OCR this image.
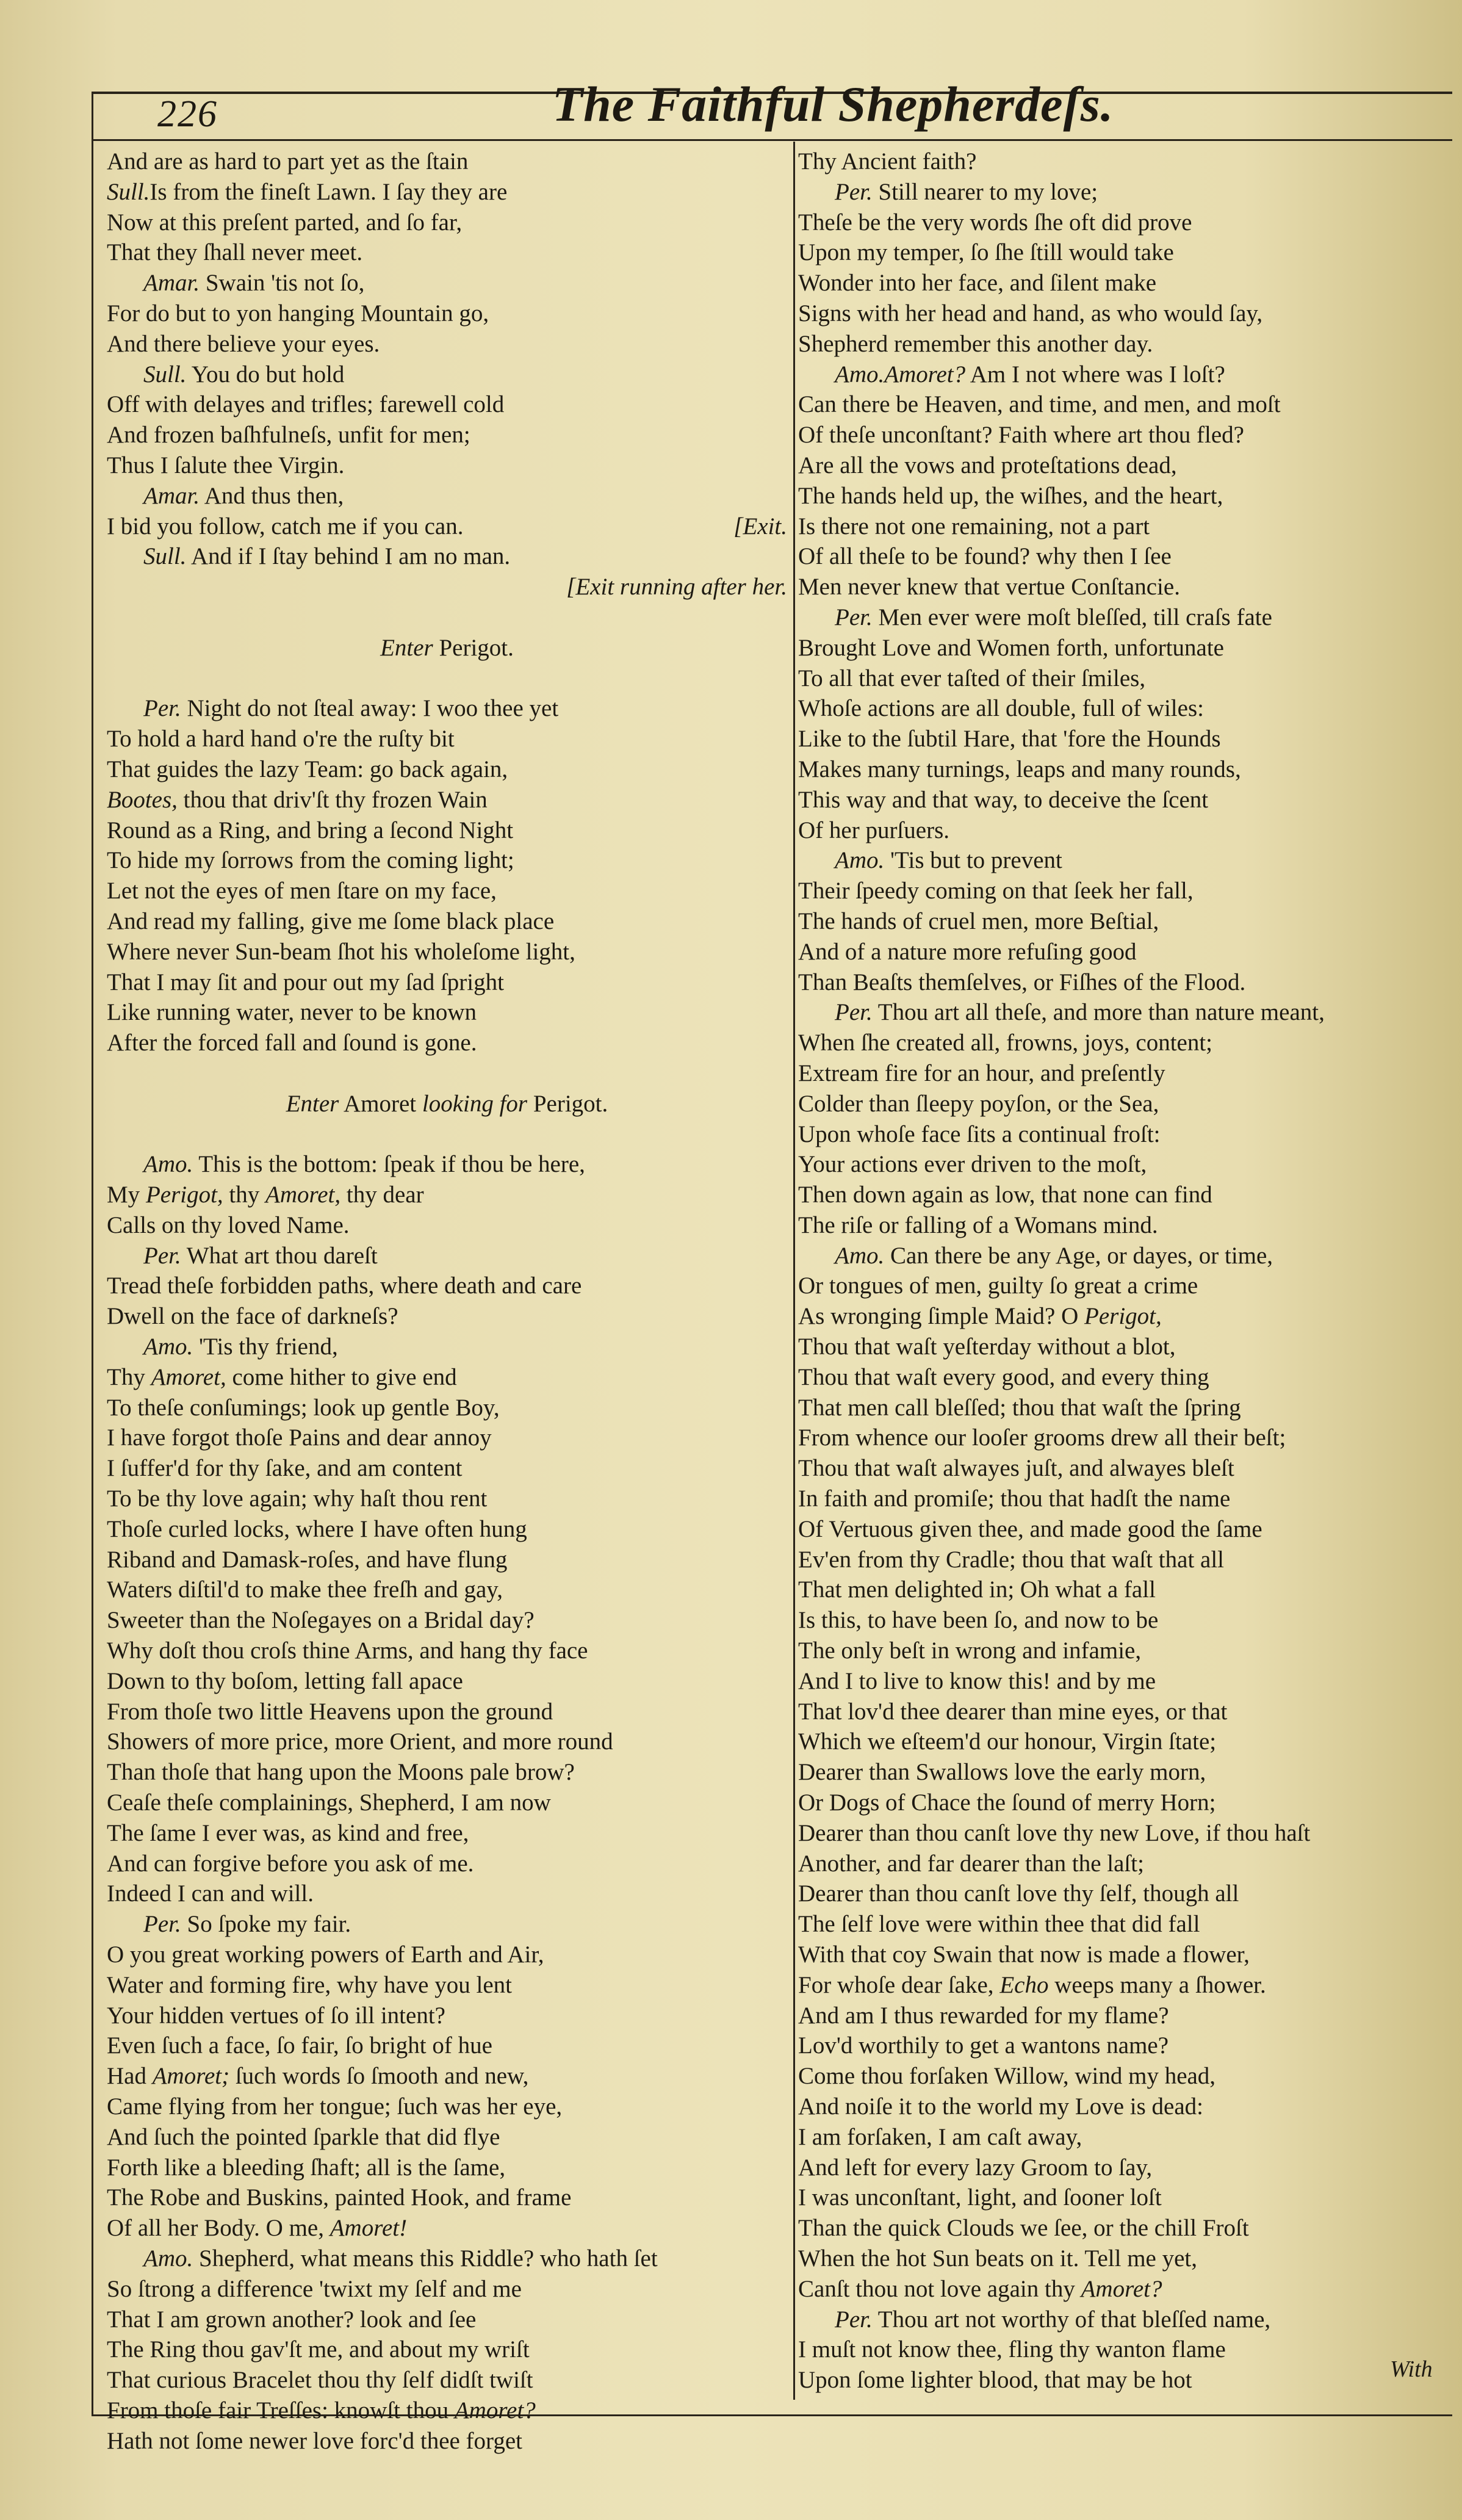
226	The Faithful Shepherdeſs.
And are as hard to part yet as the ſtain
Sull.Is from the fineſt Lawn. I ſay they are
Now at this preſent parted, and ſo far,
That they ſhall never meet.
Amar. Swain 'tis not ſo,
For do but to yon hanging Mountain go,
And there believe your eyes.
Sull. You do but hold
Off with delayes and trifles; farewell cold
And frozen baſhfulneſs, unfit for men;
Thus I ſalute thee Virgin.
Amar. And thus then,
I bid you follow, catch me if you can.	[Exit.
Sull. And if I ſtay behind I am no man.
[Exit running after her.
Enter Perigot.
Per. Night do not ſteal away: I woo thee yet
To hold a hard hand o're the ruſty bit
That guides the lazy Team: go back again,
Bootes, thou that driv'ſt thy frozen Wain
Round as a Ring, and bring a ſecond Night
To hide my ſorrows from the coming light;
Let not the eyes of men ſtare on my face,
And read my falling, give me ſome black place
Where never Sun-beam ſhot his wholeſome light,
That I may ſit and pour out my ſad ſpright
Like running water, never to be known
After the forced fall and ſound is gone.
Enter Amoret looking for Perigot.
Amo. This is the bottom: ſpeak if thou be here,
My Perigot, thy Amoret, thy dear
Calls on thy loved Name.
Per. What art thou dareſt
Tread theſe forbidden paths, where death and care
Dwell on the face of darkneſs?
Amo. 'Tis thy friend,
Thy Amoret, come hither to give end
To theſe conſumings; look up gentle Boy,
I have forgot thoſe Pains and dear annoy
I ſuffer'd for thy ſake, and am content
To be thy love again; why haſt thou rent
Thoſe curled locks, where I have often hung
Riband and Damask-roſes, and have flung
Waters diſtil'd to make thee freſh and gay,
Sweeter than the Noſegayes on a Bridal day?
Why doſt thou croſs thine Arms, and hang thy face
Down to thy boſom, letting fall apace
From thoſe two little Heavens upon the ground
Showers of more price, more Orient, and more round
Than thoſe that hang upon the Moons pale brow?
Ceaſe theſe complainings, Shepherd, I am now
The ſame I ever was, as kind and free,
And can forgive before you ask of me.
Indeed I can and will.
Per. So ſpoke my fair.
O you great working powers of Earth and Air,
Water and forming fire, why have you lent
Your hidden vertues of ſo ill intent?
Even ſuch a face, ſo fair, ſo bright of hue
Had Amoret; ſuch words ſo ſmooth and new,
Came flying from her tongue; ſuch was her eye,
And ſuch the pointed ſparkle that did flye
Forth like a bleeding ſhaft; all is the ſame,
The Robe and Buskins, painted Hook, and frame
Of all her Body. O me, Amoret!
Amo. Shepherd, what means this Riddle? who hath ſet
So ſtrong a difference 'twixt my ſelf and me
That I am grown another? look and ſee
The Ring thou gav'ſt me, and about my wriſt
That curious Bracelet thou thy ſelf didſt twiſt
From thoſe fair Treſſes: knowſt thou Amoret?
Hath not ſome newer love forc'd thee forget
Thy Ancient faith?
Per. Still nearer to my love;
Theſe be the very words ſhe oft did prove
Upon my temper, ſo ſhe ſtill would take
Wonder into her face, and ſilent make
Signs with her head and hand, as who would ſay,
Shepherd remember this another day.
Amo.Amoret? Am I not where was I loſt?
Can there be Heaven, and time, and men, and moſt
Of theſe unconſtant? Faith where art thou fled?
Are all the vows and proteſtations dead,
The hands held up, the wiſhes, and the heart,
Is there not one remaining, not a part
Of all theſe to be found? why then I ſee
Men never knew that vertue Conſtancie.
Per. Men ever were moſt bleſſed, till craſs fate
Brought Love and Women forth, unfortunate
To all that ever taſted of their ſmiles,
Whoſe actions are all double, full of wiles:
Like to the ſubtil Hare, that 'fore the Hounds
Makes many turnings, leaps and many rounds,
This way and that way, to deceive the ſcent
Of her purſuers.
Amo. 'Tis but to prevent
Their ſpeedy coming on that ſeek her fall,
The hands of cruel men, more Beſtial,
And of a nature more refuſing good
Than Beaſts themſelves, or Fiſhes of the Flood.
Per. Thou art all theſe, and more than nature meant,
When ſhe created all, frowns, joys, content;
Extream fire for an hour, and preſently
Colder than ſleepy poyſon, or the Sea,
Upon whoſe face ſits a continual froſt:
Your actions ever driven to the moſt,
Then down again as low, that none can find
The riſe or falling of a Womans mind.
Amo. Can there be any Age, or dayes, or time,
Or tongues of men, guilty ſo great a crime
As wronging ſimple Maid? O Perigot,
Thou that waſt yeſterday without a blot,
Thou that waſt every good, and every thing
That men call bleſſed; thou that waſt the ſpring
From whence our looſer grooms drew all their beſt;
Thou that waſt alwayes juſt, and alwayes bleſt
In faith and promiſe; thou that hadſt the name
Of Vertuous given thee, and made good the ſame
Ev'en from thy Cradle; thou that waſt that all
That men delighted in; Oh what a fall
Is this, to have been ſo, and now to be
The only beſt in wrong and infamie,
And I to live to know this! and by me
That lov'd thee dearer than mine eyes, or that
Which we eſteem'd our honour, Virgin ſtate;
Dearer than Swallows love the early morn,
Or Dogs of Chace the ſound of merry Horn;
Dearer than thou canſt love thy new Love, if thou haſt
Another, and far dearer than the laſt;
Dearer than thou canſt love thy ſelf, though all
The ſelf love were within thee that did fall
With that coy Swain that now is made a flower,
For whoſe dear ſake, Echo weeps many a ſhower.
And am I thus rewarded for my flame?
Lov'd worthily to get a wantons name?
Come thou forſaken Willow, wind my head,
And noiſe it to the world my Love is dead:
I am forſaken, I am caſt away,
And left for every lazy Groom to ſay,
I was unconſtant, light, and ſooner loſt
Than the quick Clouds we ſee, or the chill Froſt
When the hot Sun beats on it. Tell me yet,
Canſt thou not love again thy Amoret?
Per. Thou art not worthy of that bleſſed name,
I muſt not know thee, fling thy wanton flame
Upon ſome lighter blood, that may be hot	With
